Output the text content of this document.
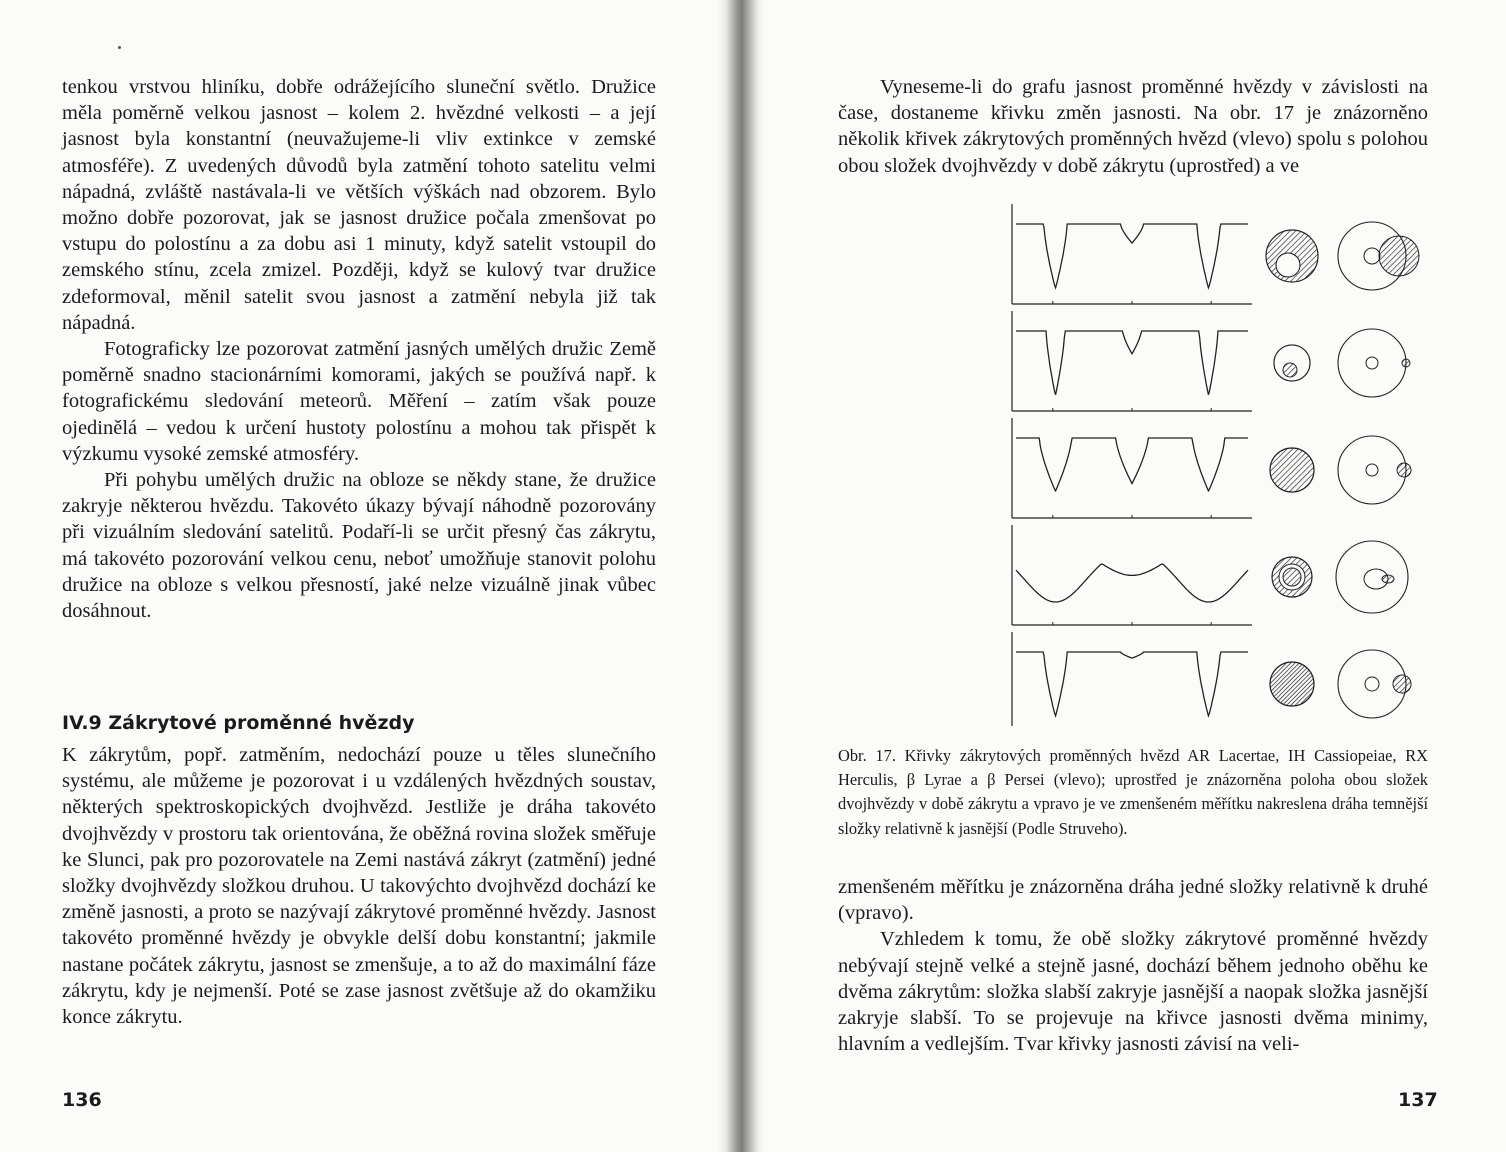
tenkou vrstvou hliníku, dobře odrážejícího sluneční světlo. Družice měla poměrně velkou jasnost – kolem 2. hvězdné velkosti – a její jasnost byla konstantní (neuvažujeme-li vliv extinkce v zemské atmosféře). Z uvedených důvodů byla zatmění tohoto satelitu velmi nápadná, zvláště nastávala-li ve větších výškách nad obzorem. Bylo možno dobře pozorovat, jak se jasnost družice počala zmenšovat po vstupu do polostínu a za dobu asi 1 minuty, když satelit vstoupil do zemského stínu, zcela zmizel. Později, když se kulový tvar družice zdeformoval, měnil satelit svou jasnost a zatmění nebyla již tak nápadná.

Fotograficky lze pozorovat zatmění jasných umělých družic Země poměrně snadno stacionárními komorami, jakých se používá např. k fotografickému sledování meteorů. Měření – zatím však pouze ojedinělá – vedou k určení hustoty polostínu a mohou tak přispět k výzkumu vysoké zemské atmosféry.

Při pohybu umělých družic na obloze se někdy stane, že družice zakryje některou hvězdu. Takovéto úkazy bývají náhodně pozorovány při vizuálním sledování satelitů. Podaří-li se určit přesný čas zákrytu, má takovéto pozorování velkou cenu, neboť umožňuje stanovit polohu družice na obloze s velkou přesností, jaké nelze vizuálně jinak vůbec dosáhnout.

IV.9 Zákrytové proměnné hvězdy

K zákrytům, popř. zatměním, nedochází pouze u těles slunečního systému, ale můžeme je pozorovat i u vzdálených hvězdných soustav, některých spektroskopických dvojhvězd. Jestliže je dráha takovéto dvojhvězdy v prostoru tak orientována, že oběžná rovina složek směřuje ke Slunci, pak pro pozorovatele na Zemi nastává zákryt (zatmění) jedné složky dvojhvězdy složkou druhou. U takovýchto dvojhvězd dochází ke změně jasnosti, a proto se nazývají zákrytové proměnné hvězdy. Jasnost takovéto proměnné hvězdy je obvykle delší dobu konstantní; jakmile nastane počátek zákrytu, jasnost se zmenšuje, a to až do maximální fáze zákrytu, kdy je nejmenší. Poté se zase jasnost zvětšuje až do okamžiku konce zákrytu.

136

Vyneseme-li do grafu jasnost proměnné hvězdy v závislosti na čase, dostaneme křivku změn jasnosti. Na obr. 17 je znázorněno několik křivek zákrytových proměnných hvězd (vlevo) spolu s polohou obou složek dvojhvězdy v době zákrytu (uprostřed) a ve

Obr. 17. Křivky zákrytových proměnných hvězd AR Lacertae, IH Cassiopeiae, RX Herculis, β Lyrae a β Persei (vlevo); uprostřed je znázorněna poloha obou složek dvojhvězdy v době zákrytu a vpravo je ve zmenšeném měřítku nakreslena dráha temnější složky relativně k jasnější (Podle Struveho).

zmenšeném měřítku je znázorněna dráha jedné složky relativně k druhé (vpravo).

Vzhledem k tomu, že obě složky zákrytové proměnné hvězdy nebývají stejně velké a stejně jasné, dochází během jednoho oběhu ke dvěma zákrytům: složka slabší zakryje jasnější a naopak složka jasnější zakryje slabší. To se projevuje na křivce jasnosti dvěma minimy, hlavním a vedlejším. Tvar křivky jasnosti závisí na veli-

137
